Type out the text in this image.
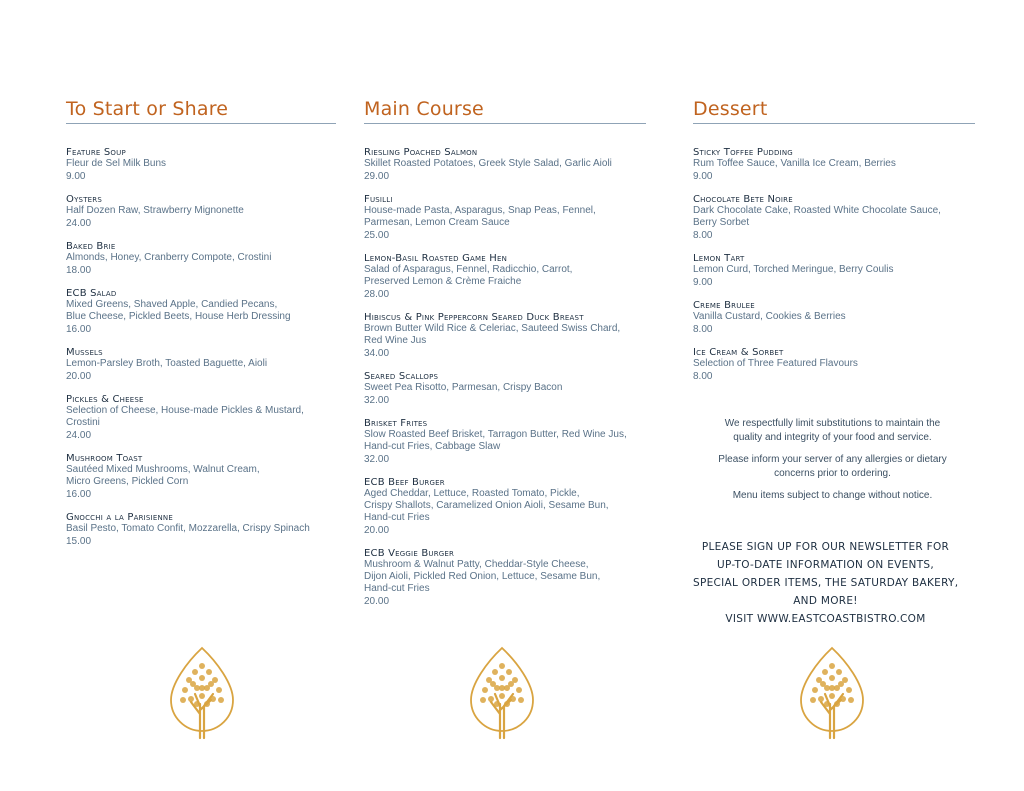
To Start or Share
Feature Soup
Fleur de Sel Milk Buns
9.00
Oysters
Half Dozen Raw, Strawberry Mignonette
24.00
Baked Brie
Almonds, Honey, Cranberry Compote, Crostini
18.00
ECB Salad
Mixed Greens, Shaved Apple, Candied Pecans,
Blue Cheese, Pickled Beets, House Herb Dressing
16.00
Mussels
Lemon-Parsley Broth, Toasted Baguette, Aioli
20.00
Pickles & Cheese
Selection of Cheese, House-made Pickles & Mustard,
Crostini
24.00
Mushroom Toast
Sautéed Mixed Mushrooms, Walnut Cream,
Micro Greens, Pickled Corn
16.00
Gnocchi a la Parisienne
Basil Pesto, Tomato Confit, Mozzarella, Crispy Spinach
15.00
Main Course
Riesling Poached Salmon
Skillet Roasted Potatoes, Greek Style Salad, Garlic Aioli
29.00
Fusilli
House-made Pasta, Asparagus, Snap Peas, Fennel,
Parmesan, Lemon Cream Sauce
25.00
Lemon-Basil Roasted Game Hen
Salad of Asparagus, Fennel, Radicchio, Carrot,
Preserved Lemon & Crème Fraiche
28.00
Hibiscus & Pink Peppercorn Seared Duck Breast
Brown Butter Wild Rice & Celeriac, Sauteed Swiss Chard,
Red Wine Jus
34.00
Seared Scallops
Sweet Pea Risotto, Parmesan, Crispy Bacon
32.00
Brisket Frites
Slow Roasted Beef Brisket, Tarragon Butter, Red Wine Jus,
Hand-cut Fries, Cabbage Slaw
32.00
ECB Beef Burger
Aged Cheddar, Lettuce, Roasted Tomato, Pickle,
Crispy Shallots, Caramelized Onion Aioli, Sesame Bun,
Hand-cut Fries
20.00
ECB Veggie Burger
Mushroom & Walnut Patty, Cheddar-Style Cheese,
Dijon Aioli, Pickled Red Onion, Lettuce, Sesame Bun,
Hand-cut Fries
20.00
Dessert
Sticky Toffee Pudding
Rum Toffee Sauce, Vanilla Ice Cream, Berries
9.00
Chocolate Bete Noire
Dark Chocolate Cake, Roasted White Chocolate Sauce,
Berry Sorbet
8.00
Lemon Tart
Lemon Curd, Torched Meringue, Berry Coulis
9.00
Creme Brulee
Vanilla Custard, Cookies & Berries
8.00
Ice Cream & Sorbet
Selection of Three Featured Flavours
8.00

We respectfully limit substitutions to maintain the
quality and integrity of your food and service.

Please inform your server of any allergies or dietary
concerns prior to ordering.

Menu items subject to change without notice.

PLEASE SIGN UP FOR OUR NEWSLETTER FOR
UP-TO-DATE INFORMATION ON EVENTS,
SPECIAL ORDER ITEMS, THE SATURDAY BAKERY,
AND MORE!
VISIT WWW.EASTCOASTBISTRO.COM
